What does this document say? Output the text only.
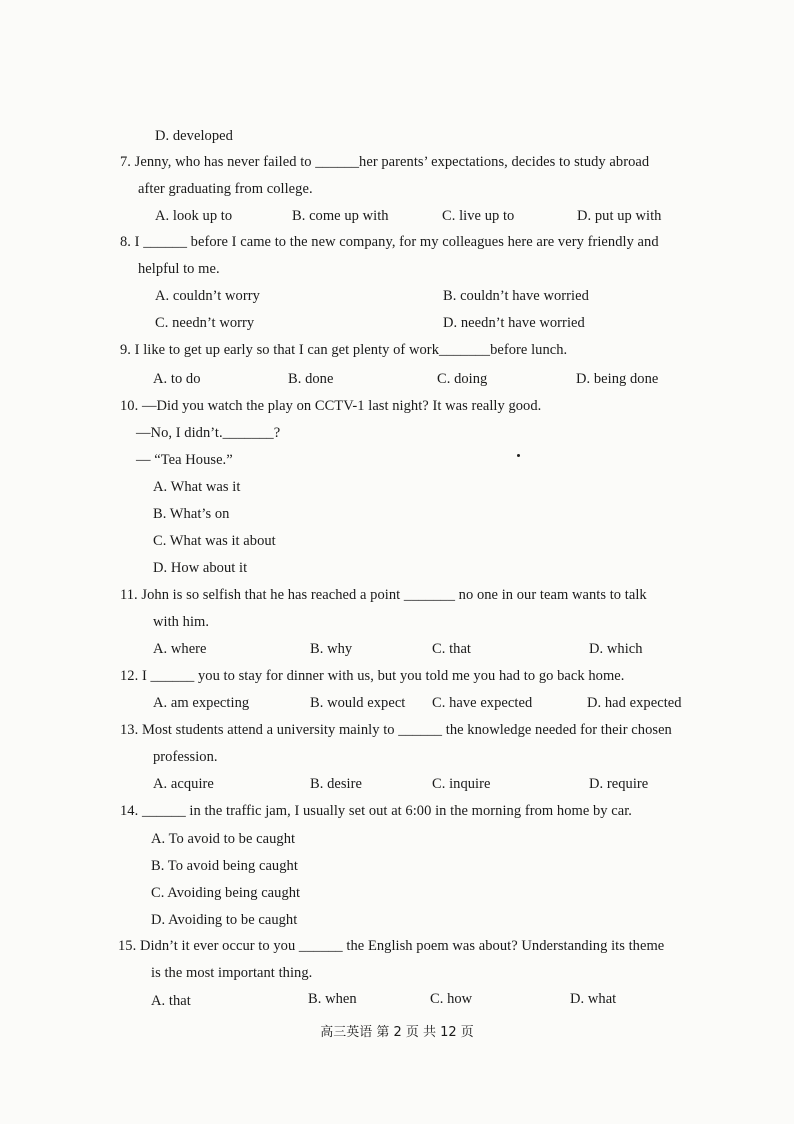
D. developed
7. Jenny, who has never failed to ______her parents’ expectations, decides to study abroad
after graduating from college.
A. look up to	B. come up with	C. live up to	D. put up with
8. I ______ before I came to the new company, for my colleagues here are very friendly and
helpful to me.
A. couldn’t worry	B. couldn’t have worried
C. needn’t worry	D. needn’t have worried
9. I like to get up early so that I can get plenty of work_______before lunch.
A. to do	B. done	C. doing	D. being done
10. —Did you watch the play on CCTV-1 last night? It was really good.
—No, I didn’t._______?
— “Tea House.”
A. What was it
B. What’s on
C. What was it about
D. How about it
11. John is so selfish that he has reached a point _______ no one in our team wants to talk
with him.
A. where	B. why	C. that	D. which
12. I ______ you to stay for dinner with us, but you told me you had to go back home.
A. am expecting	B. would expect C. have expected	D. had expected
13. Most students attend a university mainly to ______ the knowledge needed for their chosen
profession.
A. acquire	B. desire	C. inquire	D. require
14. ______ in the traffic jam, I usually set out at 6:00 in the morning from home by car.
A. To avoid to be caught
B. To avoid being caught
C. Avoiding being caught
D. Avoiding to be caught
15. Didn’t it ever occur to you ______ the English poem was about? Understanding its theme
is the most important thing.
A. that	B. when	C. how	D. what
高三英语 第 2 页 共 12 页
